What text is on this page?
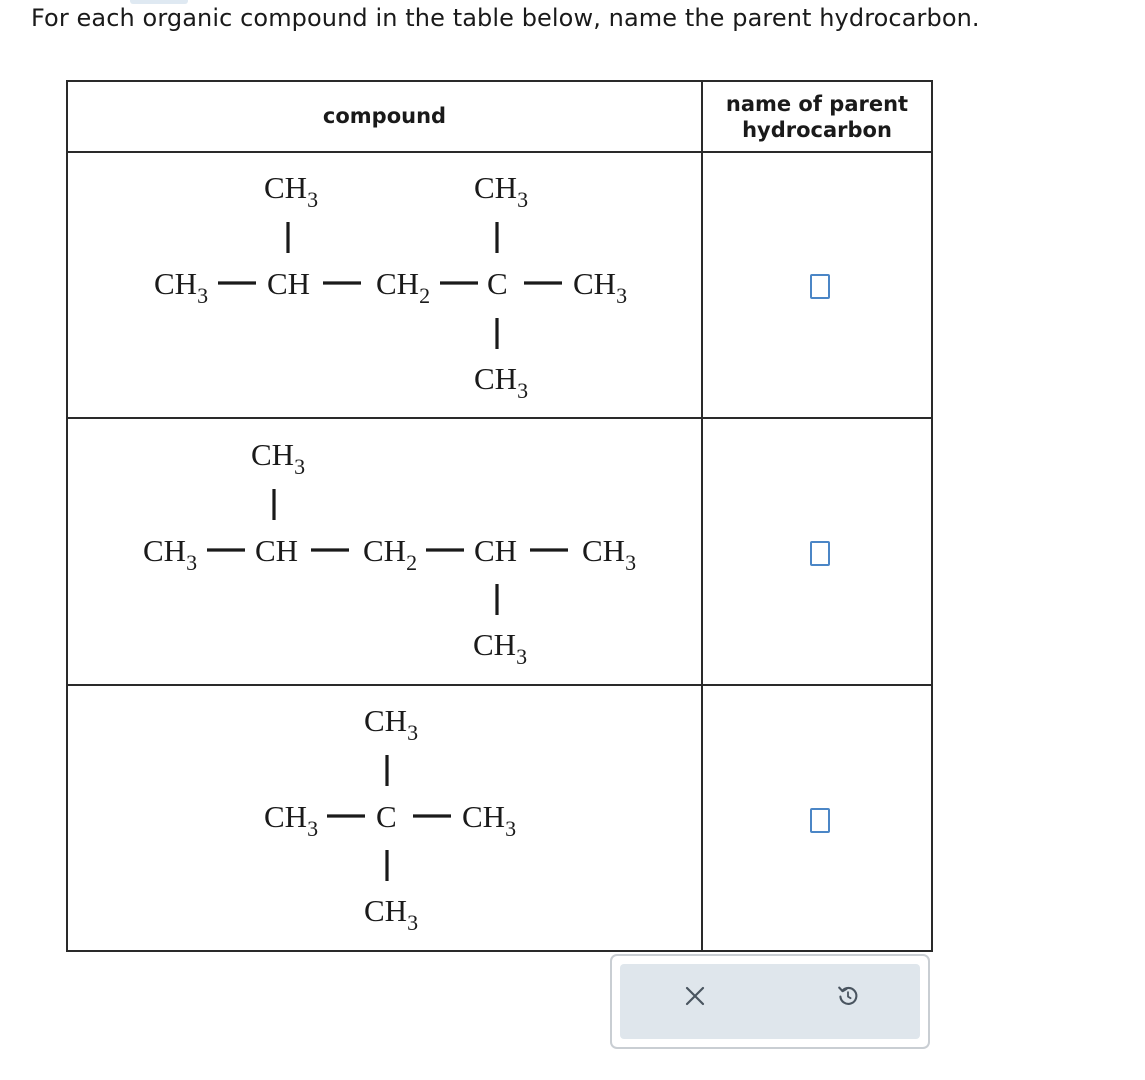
For each organic compound in the table below, name the parent hydrocarbon.
compound	name of parent
hydrocarbon
CH3	CH3
CH3 CH CH2 C CH3
CH3
CH3
CH3 CH CH2 CH CH3
CH3
CH3
CH3 C CH3
CH3
